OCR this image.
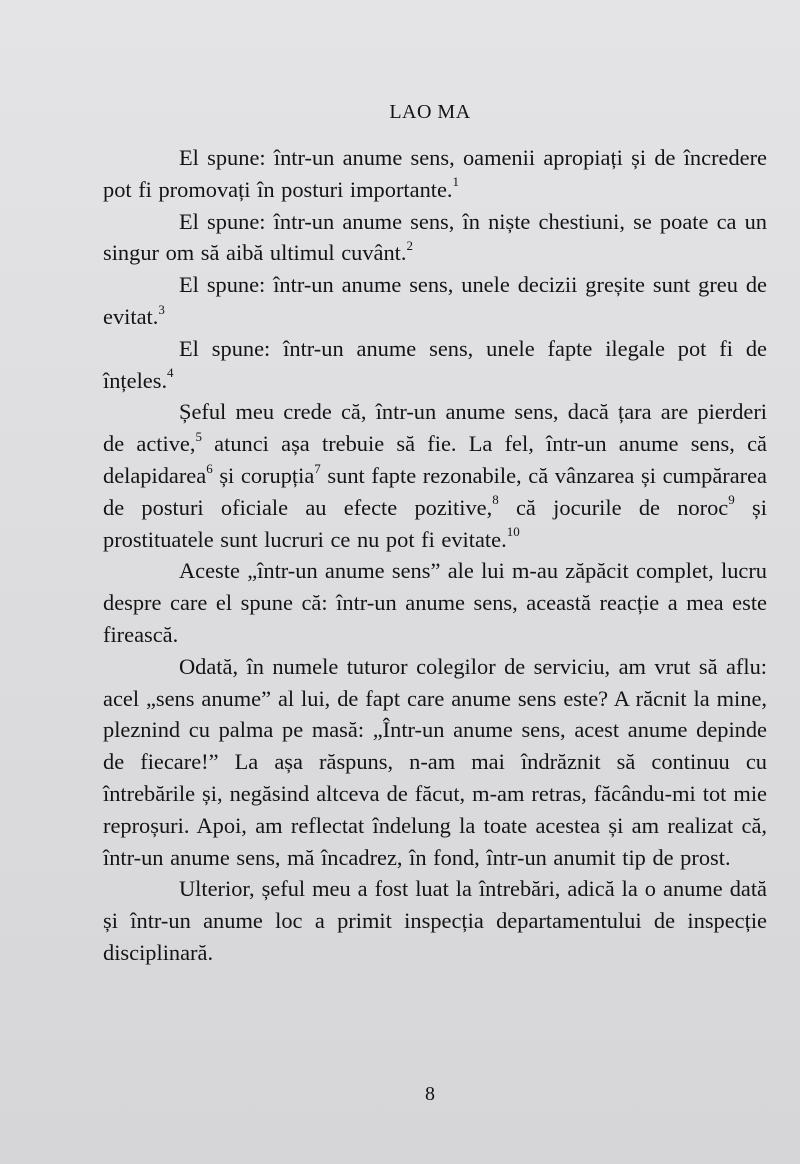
LAO MA

El spune: într-un anume sens, oamenii apropiați și de încredere pot fi promovați în posturi importante.$^1$

El spune: într-un anume sens, în niște chestiuni, se poate ca un singur om să aibă ultimul cuvânt.$^2$

El spune: într-un anume sens, unele decizii greșite sunt greu de evitat.$^3$

El spune: într-un anume sens, unele fapte ilegale pot fi de înțeles.$^4$

Șeful meu crede că, într-un anume sens, dacă țara are pierderi de active,$^5$ atunci așa trebuie să fie. La fel, într-un anume sens, că delapidarea$^6$ și corupția$^7$ sunt fapte rezonabile, că vânzarea și cumpărarea de posturi oficiale au efecte pozitive,$^8$ că jocurile de noroc$^9$ și prostituatele sunt lucruri ce nu pot fi evitate.$^{10}$

Aceste „într-un anume sens” ale lui m-au zăpăcit complet, lucru despre care el spune că: într-un anume sens, această reacție a mea este firească.

Odată, în numele tuturor colegilor de serviciu, am vrut să aflu: acel „sens anume” al lui, de fapt care anume sens este? A răcnit la mine, pleznind cu palma pe masă: „Într-un anume sens, acest anume depinde de fiecare!” La așa răspuns, n-am mai îndrăznit să continuu cu întrebările și, negăsind altceva de făcut, m-am retras, făcându-mi tot mie reproșuri. Apoi, am reflectat îndelung la toate acestea și am realizat că, într-un anume sens, mă încadrez, în fond, într-un anumit tip de prost.

Ulterior, șeful meu a fost luat la întrebări, adică la o anume dată și într-un anume loc a primit inspecția departamentului de inspecție disciplinară.

8
